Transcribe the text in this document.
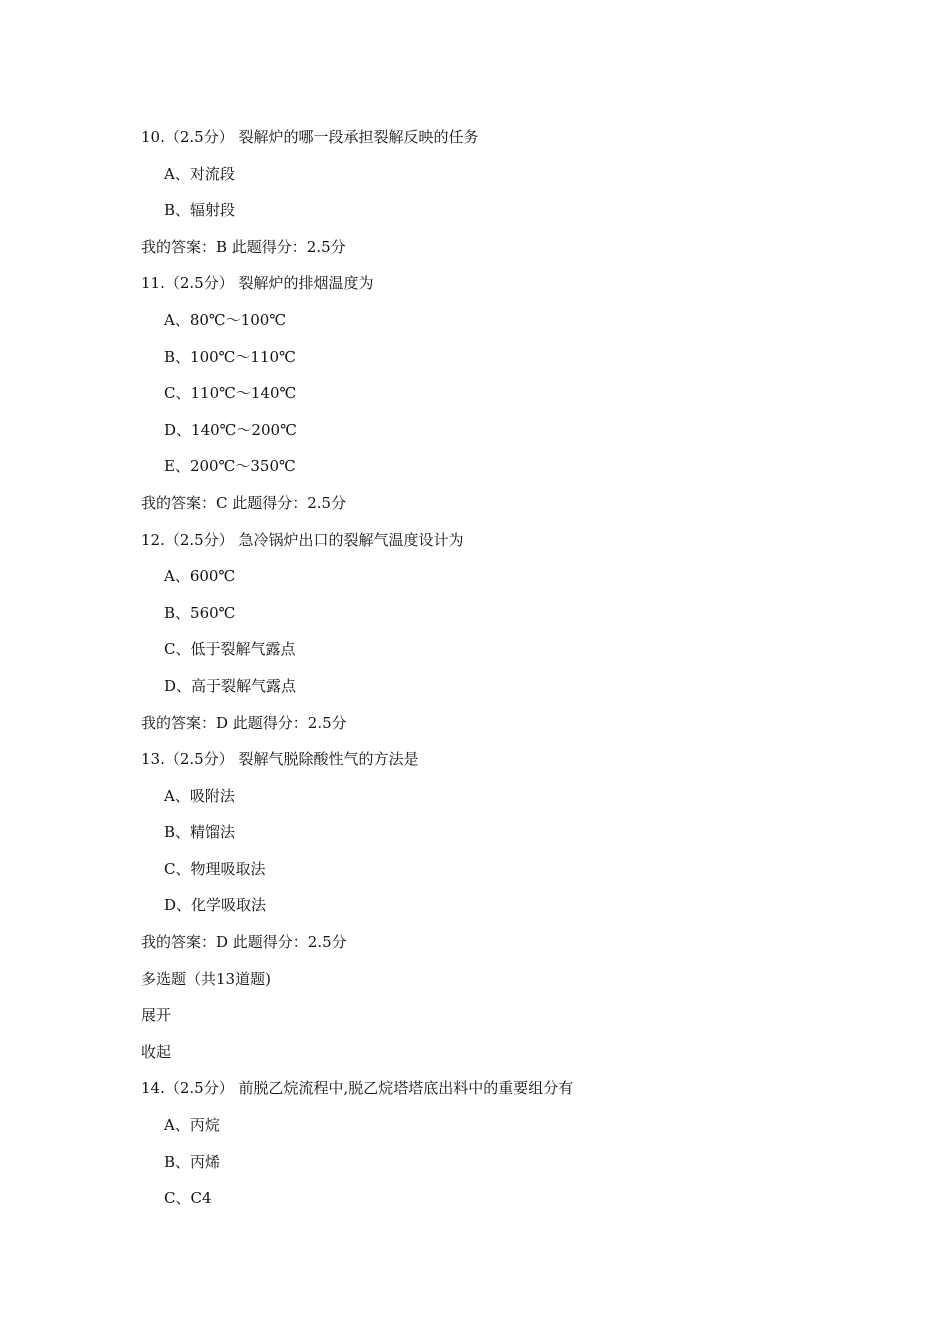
10.（2.5分） 裂解炉的哪一段承担裂解反映的任务
A、对流段
B、辐射段
我的答案：B 此题得分：2.5分
11.（2.5分） 裂解炉的排烟温度为
A、80℃～100℃
B、100℃～110℃
C、110℃～140℃
D、140℃～200℃
E、200℃～350℃
我的答案：C 此题得分：2.5分
12.（2.5分） 急冷锅炉出口的裂解气温度设计为
A、600℃
B、560℃
C、低于裂解气露点
D、高于裂解气露点
我的答案：D 此题得分：2.5分
13.（2.5分） 裂解气脱除酸性气的方法是
A、吸附法
B、精馏法
C、物理吸取法
D、化学吸取法
我的答案：D 此题得分：2.5分
多选题（共13道题)
展开
收起
14.（2.5分） 前脱乙烷流程中,脱乙烷塔塔底出料中的重要组分有
A、丙烷
B、丙烯
C、C4
